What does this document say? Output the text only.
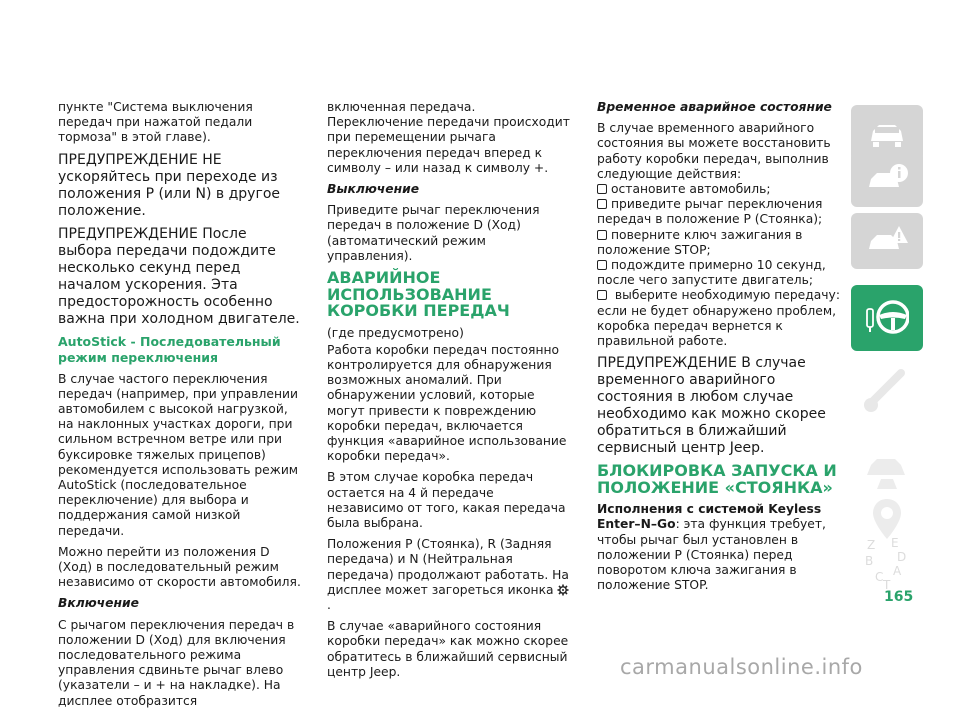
пункте "Система выключения передач при нажатой педали тормоза" в этой главе).

ПРЕДУПРЕЖДЕНИЕ НЕ ускоряйтесь при переходе из положения Р (или N) в другое положение.

ПРЕДУПРЕЖДЕНИЕ После выбора передачи подождите несколько секунд перед началом ускорения. Эта предосторожность особенно важна при холодном двигателе.

AutoStick - Последовательный режим переключения

В случае частого переключения передач (например, при управлении автомобилем с высокой нагрузкой, на наклонных участках дороги, при сильном встречном ветре или при буксировке тяжелых прицепов) рекомендуется использовать режим AutoStick (последовательное переключение) для выбора и поддержания самой низкой передачи.

Можно перейти из положения D (Ход) в последовательный режим независимо от скорости автомобиля.

Включение

С рычагом переключения передач в положении D (Ход) для включения последовательного режима управления сдвиньте рычаг влево (указатели – и + на накладке). На дисплее отобразится

включенная передача. Переключение передачи происходит при перемещении рычага переключения передач вперед к символу – или назад к символу +.

Выключение

Приведите рычаг переключения передач в положение D (Ход) (автоматический режим управления).

АВАРИЙНОЕ ИСПОЛЬЗОВАНИЕ КОРОБКИ ПЕРЕДАЧ

(где предусмотрено)

Работа коробки передач постоянно контролируется для обнаружения возможных аномалий. При обнаружении условий, которые могут привести к повреждению коробки передач, включается функция «аварийное использование коробки передач».

В этом случае коробка передач остается на 4 й передаче независимо от того, какая передача была выбрана.

Положения Р (Стоянка), R (Задняя передача) и N (Нейтральная передача) продолжают работать. На дисплее может загореться иконка  .

В случае «аварийного состояния коробки передач» как можно скорее обратитесь в ближайший сервисный центр Jeep.

Временное аварийное состояние

В случае временного аварийного состояния вы можете восстановить работу коробки передач, выполнив следующие действия:

остановите автомобиль;
приведите рычаг переключения передач в положение Р (Стоянка);
поверните ключ зажигания в положение STOP;
подождите примерно 10 секунд, после чего запустите двигатель;
выберите необходимую передачу:

если не будет обнаружено проблем, коробка передач вернется к правильной работе.

ПРЕДУПРЕЖДЕНИЕ В случае временного аварийного состояния в любом случае необходимо как можно скорее обратиться в ближайший сервисный центр Jeep.

БЛОКИРОВКА ЗАПУСКА И ПОЛОЖЕНИЕ «СТОЯНКА»

Исполнения с системой Keyless Enter–N–Go: эта функция требует, чтобы рычаг был установлен в положении Р (Стоянка) перед поворотом ключа зажигания в положение STOP.

Z E
B D
C A
T
165
carmanualsonline.info
